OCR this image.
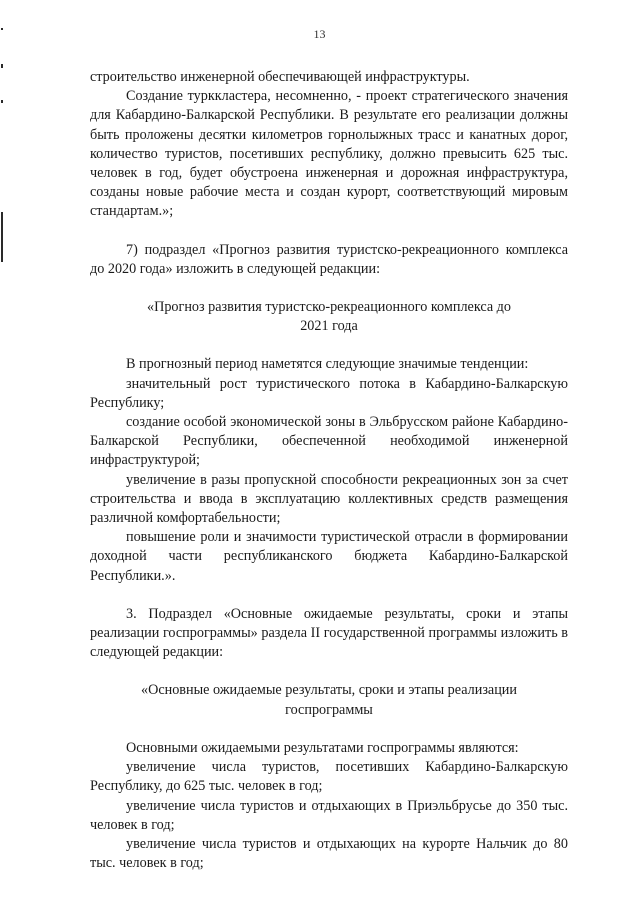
13

строительство инженерной обеспечивающей инфраструктуры.

Создание турккластера, несомненно, - проект стратегического значения для Кабардино-Балкарской Республики. В результате его реализации должны быть проложены десятки километров горнолыжных трасс и канатных дорог, количество туристов, посетивших республику, должно превысить 625 тыс. человек в год, будет обустроена инженерная и дорожная инфраструктура, созданы новые рабочие места и создан курорт, соответствующий мировым стандартам.»;

7) подраздел «Прогноз развития туристско-рекреационного комплекса до 2020 года» изложить в следующей редакции:

«Прогноз развития туристско-рекреационного комплекса до 2021 года

В прогнозный период наметятся следующие значимые тенденции:

значительный рост туристического потока в Кабардино-Балкарскую Республику;

создание особой экономической зоны в Эльбрусском районе Кабардино-Балкарской Республики, обеспеченной необходимой инженерной инфраструктурой;

увеличение в разы пропускной способности рекреационных зон за счет строительства и ввода в эксплуатацию коллективных средств размещения различной комфортабельности;

повышение роли и значимости туристической отрасли в формировании доходной части республиканского бюджета Кабардино-Балкарской Республики.».

3. Подраздел «Основные ожидаемые результаты, сроки и этапы реализации госпрограммы» раздела II государственной программы изложить в следующей редакции:

«Основные ожидаемые результаты, сроки и этапы реализации госпрограммы

Основными ожидаемыми результатами госпрограммы являются:

увеличение числа туристов, посетивших Кабардино-Балкарскую Республику, до 625 тыс. человек в год;

увеличение числа туристов и отдыхающих в Приэльбрусье до 350 тыс. человек в год;

увеличение числа туристов и отдыхающих на курорте Нальчик до 80 тыс. человек в год;
